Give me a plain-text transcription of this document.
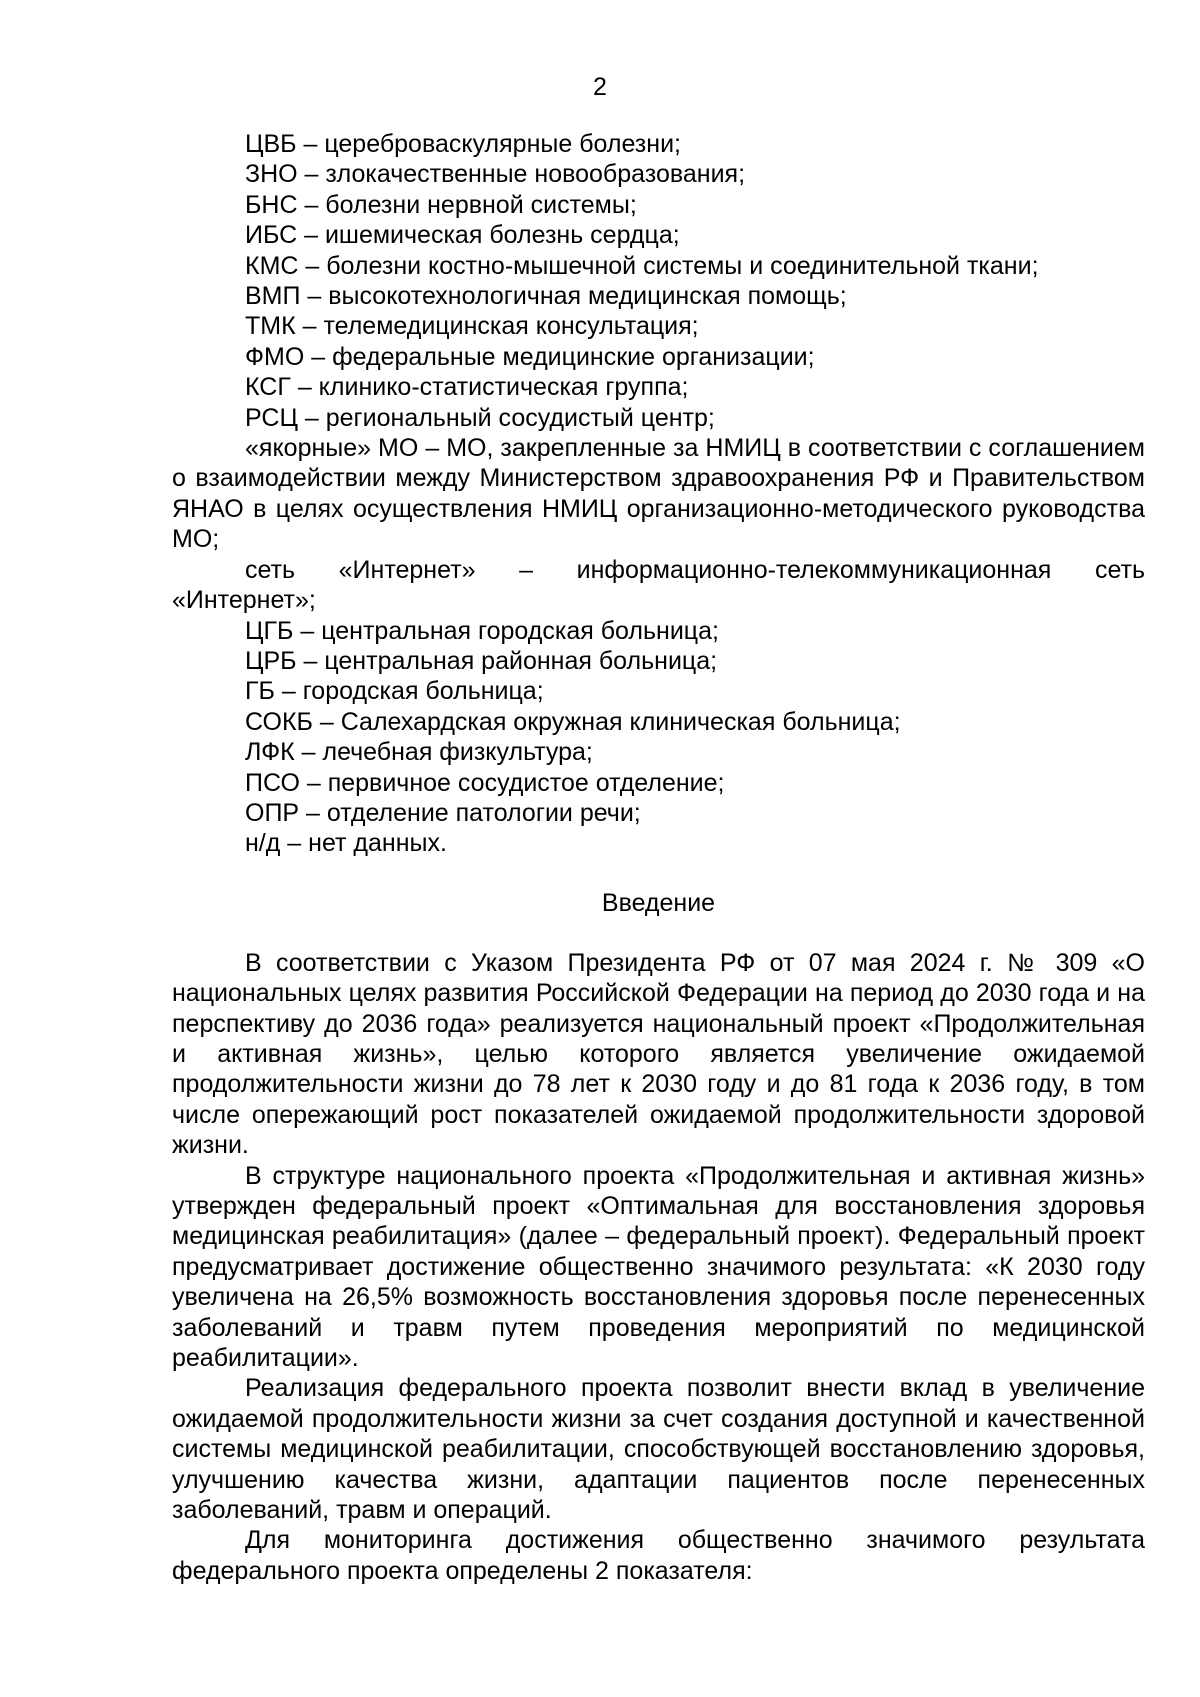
2
ЦВБ – цереброваскулярные болезни;
ЗНО – злокачественные новообразования;
БНС – болезни нервной системы;
ИБС – ишемическая болезнь сердца;
КМС – болезни костно-мышечной системы и соединительной ткани;
ВМП – высокотехнологичная медицинская помощь;
ТМК – телемедицинская консультация;
ФМО – федеральные медицинские организации;
КСГ – клинико-статистическая группа;
РСЦ – региональный сосудистый центр;

«якорные» МО – МО, закрепленные за НМИЦ в соответствии с соглашением о взаимодействии между Министерством здравоохранения РФ и Правительством ЯНАО в целях осуществления НМИЦ организационно-методического руководства МО;

сеть «Интернет» – информационно-телекоммуникационная сеть «Интернет»;

ЦГБ – центральная городская больница;
ЦРБ – центральная районная больница;
ГБ – городская больница;
СОКБ – Салехардская окружная клиническая больница;
ЛФК – лечебная физкультура;
ПСО – первичное сосудистое отделение;
ОПР – отделение патологии речи;
н/д – нет данных.
Введение

В соответствии с Указом Президента РФ от 07 мая 2024 г. № 309 «О национальных целях развития Российской Федерации на период до 2030 года и на перспективу до 2036 года» реализуется национальный проект «Продолжительная и активная жизнь», целью которого является увеличение ожидаемой продолжительности жизни до 78 лет к 2030 году и до 81 года к 2036 году, в том числе опережающий рост показателей ожидаемой продолжительности здоровой жизни.

В структуре национального проекта «Продолжительная и активная жизнь» утвержден федеральный проект «Оптимальная для восстановления здоровья медицинская реабилитация» (далее – федеральный проект). Федеральный проект предусматривает достижение общественно значимого результата: «К 2030 году увеличена на 26,5% возможность восстановления здоровья после перенесенных заболеваний и травм путем проведения мероприятий по медицинской реабилитации».

Реализация федерального проекта позволит внести вклад в увеличение ожидаемой продолжительности жизни за счет создания доступной и качественной системы медицинской реабилитации, способствующей восстановлению здоровья, улучшению качества жизни, адаптации пациентов после перенесенных заболеваний, травм и операций.

Для мониторинга достижения общественно значимого результата федерального проекта определены 2 показателя:
